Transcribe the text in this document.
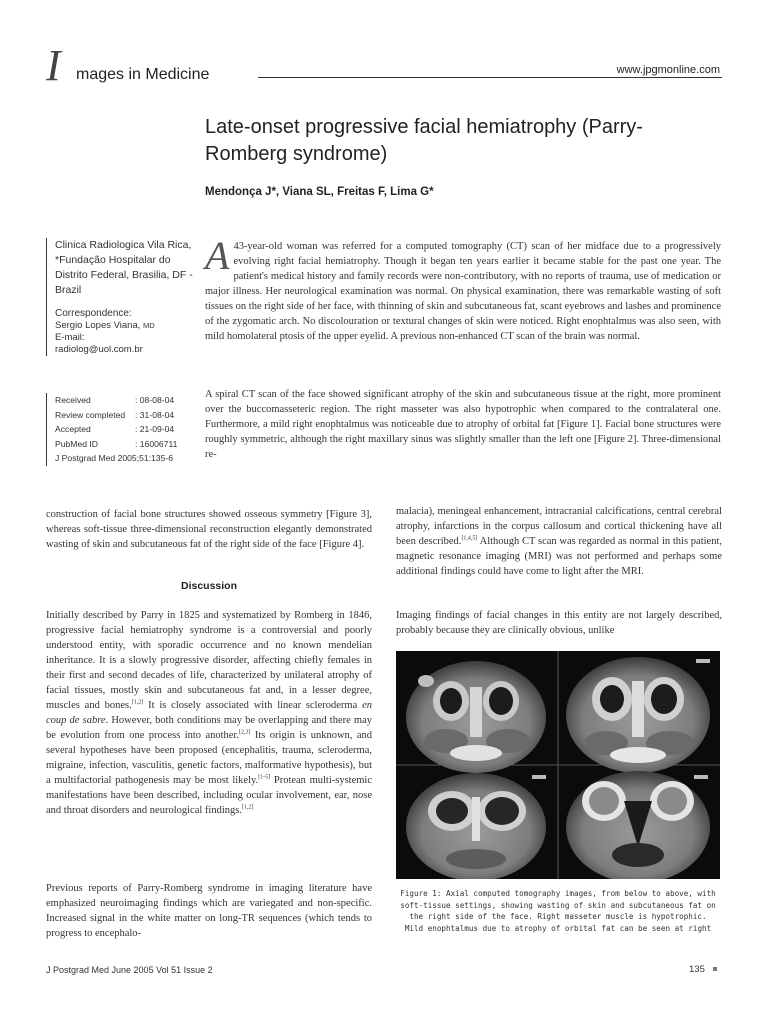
I mages in Medicine	www.jpgmonline.com
Late-onset progressive facial hemiatrophy (Parry-Romberg syndrome)
Mendonça J*, Viana SL, Freitas F, Lima G*
Clinica Radiologica Vila Rica, *Fundação Hospitalar do Distrito Federal, Brasilia, DF - Brazil
Correspondence:
Sergio Lopes Viana, MD
E-mail:
radiolog@uol.com.br
Received	: 08-08-04
Review completed	: 31-08-04
Accepted	: 21-09-04
PubMed ID	: 16006711
J Postgrad Med 2005;51:135-6
A 43-year-old woman was referred for a computed tomography (CT) scan of her midface due to a progressively evolving right facial hemiatrophy. Though it began ten years earlier it became stable for the past one year. The patient's medical history and family records were non-contributory, with no reports of trauma, use of medication or major illness. Her neurological examination was normal. On physical examination, there was remarkable wasting of soft tissues on the right side of her face, with thinning of skin and subcutaneous fat, scant eyebrows and lashes and prominence of the zygomatic arch. No discolouration or textural changes of skin were noticed. Right enophtalmus was also seen, with mild homolateral ptosis of the upper eyelid. A previous non-enhanced CT scan of the brain was normal.
A spiral CT scan of the face showed significant atrophy of the skin and subcutaneous tissue at the right, more prominent over the buccomasseteric region. The right masseter was also hypotrophic when compared to the contralateral one. Furthermore, a mild right enophtalmus was noticeable due to atrophy of orbital fat [Figure 1]. Facial bone structures were roughly symmetric, although the right maxillary sinus was slightly smaller than the left one [Figure 2]. Three-dimensional re-
construction of facial bone structures showed osseous symmetry [Figure 3], whereas soft-tissue three-dimensional reconstruction elegantly demonstrated wasting of skin and subcutaneous fat of the right side of the face [Figure 4].
Discussion
Initially described by Parry in 1825 and systematized by Romberg in 1846, progressive facial hemiatrophy syndrome is a controversial and poorly understood entity, with sporadic occurrence and no known mendelian inheritance. It is a slowly progressive disorder, affecting chiefly females in their first and second decades of life, characterized by unilateral atrophy of facial tissues, mostly skin and subcutaneous fat and, in a lesser degree, muscles and bones.[1,2] It is closely associated with linear scleroderma en coup de sabre. However, both conditions may be overlapping and there may be evolution from one process into another.[2,3] Its origin is unknown, and several hypotheses have been proposed (encephalitis, trauma, scleroderma, migraine, infection, vasculitis, genetic factors, malformative hypothesis), but a multifactorial pathogenesis may be most likely.[1-5] Protean multi-systemic manifestations have been described, including ocular involvement, ear, nose and throat disorders and neurological findings.[1,2]
Previous reports of Parry-Romberg syndrome in imaging literature have emphasized neuroimaging findings which are variegated and non-specific. Increased signal in the white matter on long-TR sequences (which tends to progress to encephalo-
malacia), meningeal enhancement, intracranial calcifications, central cerebral atrophy, infarctions in the corpus callosum and cortical thickening have all been described.[1,4,5] Although CT scan was regarded as normal in this patient, magnetic resonance imaging (MRI) was not performed and perhaps some additional findings could have come to light after the MRI.
Imaging findings of facial changes in this entity are not largely described, probably because they are clinically obvious, unlike
Figure 1: Axial computed tomography images, from below to above, with soft-tissue settings, showing wasting of skin and subcutaneous fat on the right side of the face. Right masseter muscle is hypotrophic. Mild enophtalmus due to atrophy of orbital fat can be seen at right
J Postgrad Med June 2005 Vol 51 Issue 2	135
